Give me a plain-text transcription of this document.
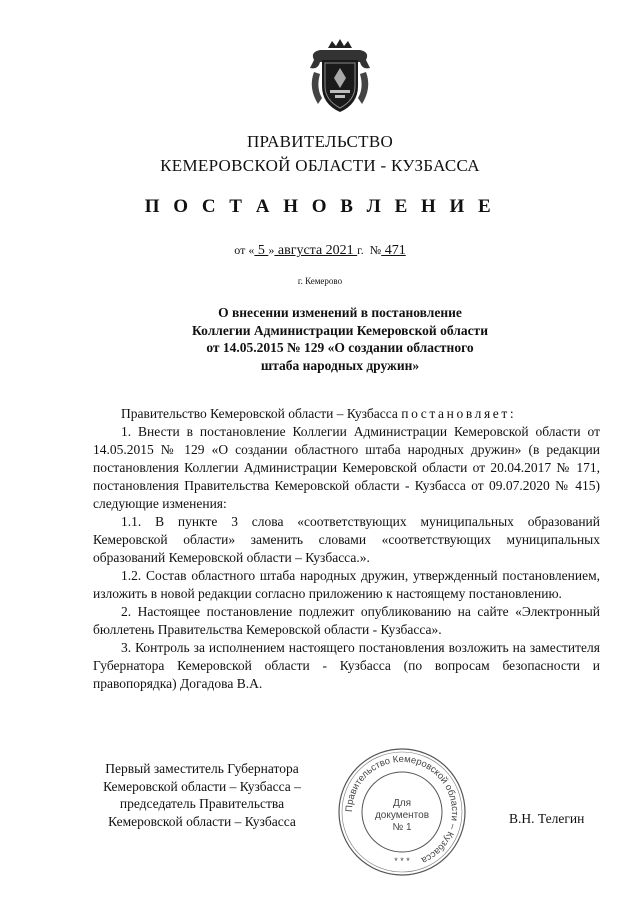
ПРАВИТЕЛЬСТВО
КЕМЕРОВСКОЙ ОБЛАСТИ - КУЗБАССА
П О С Т А Н О В Л Е Н И Е
от « 5 » августа 2021 г. № 471
г. Кемерово
О внесении изменений в постановление
Коллегии Администрации Кемеровской области
от 14.05.2015 № 129 «О создании областного
штаба народных дружин»

Правительство Кемеровской области – Кузбасса постановляет:

1. Внести в постановление Коллегии Администрации Кемеровской области от 14.05.2015 № 129 «О создании областного штаба народных дружин» (в редакции постановления Коллегии Администрации Кемеровской области от 20.04.2017 № 171, постановления Правительства Кемеровской области - Кузбасса от 09.07.2020 № 415) следующие изменения:

1.1. В пункте 3 слова «соответствующих муниципальных образований Кемеровской области» заменить словами «соответствующих муниципальных образований Кемеровской области – Кузбасса.».

1.2. Состав областного штаба народных дружин, утвержденный постановлением, изложить в новой редакции согласно приложению к настоящему постановлению.

2. Настоящее постановление подлежит опубликованию на сайте «Электронный бюллетень Правительства Кемеровской области - Кузбасса».

3. Контроль за исполнением настоящего постановления возложить на заместителя Губернатора Кемеровской области - Кузбасса (по вопросам безопасности и правопорядка) Догадова В.А.

Первый заместитель Губернатора
Кемеровской области – Кузбасса –
председатель Правительства
Кемеровской области – Кузбасса
Правительство Кемеровской области – Кузбасса
Для
документов
№ 1
* * *
В.Н. Телегин
